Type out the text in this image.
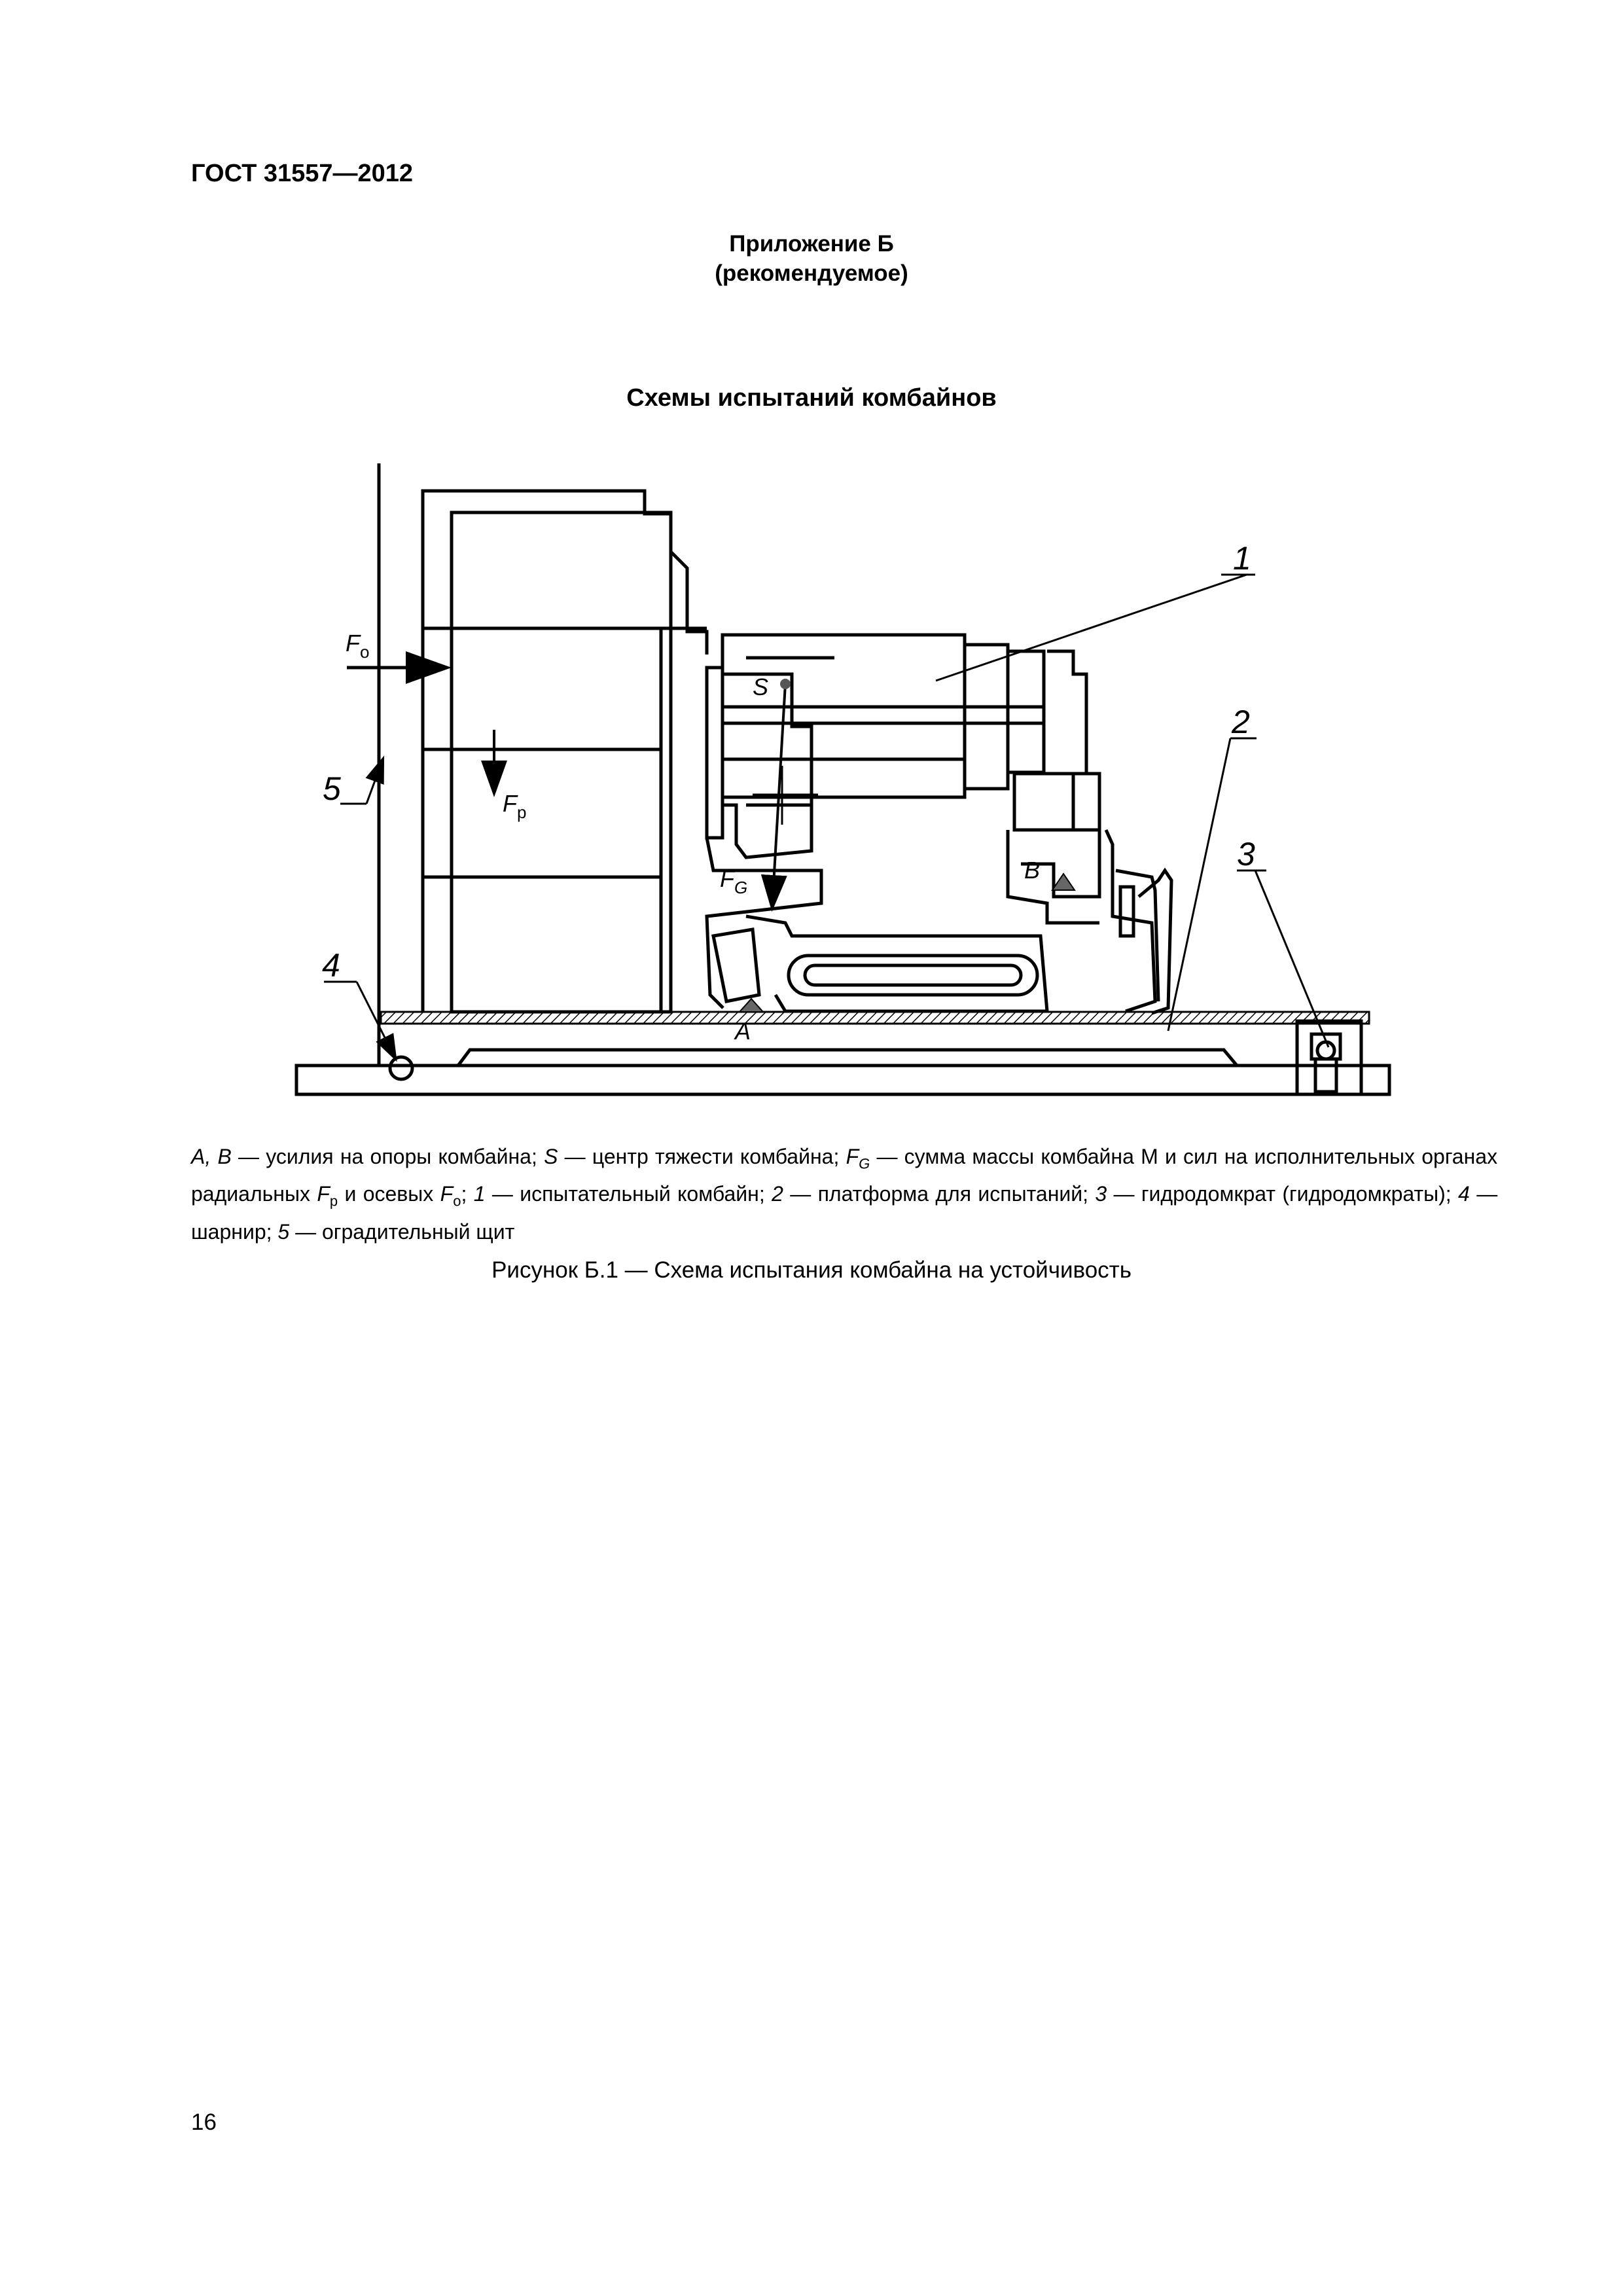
ГОСТ 31557—2012
Приложение Б
(рекомендуемое)
Схемы испытаний комбайнов
1
2
3
4
5
S
A
B
$F_о$
$F_р$
$F_G$
A, B — усилия на опоры комбайна; S — центр тяжести комбайна; $F_G$ — сумма массы комбайна М и сил на исполнительных органах радиальных $F_р$ и осевых $F_о$; 1 — испытательный комбайн; 2 — платформа для испытаний; 3 — гидродомкрат (гидродомкраты); 4 — шарнир; 5 — оградительный щит
Рисунок Б.1 — Схема испытания комбайна на устойчивость
16
